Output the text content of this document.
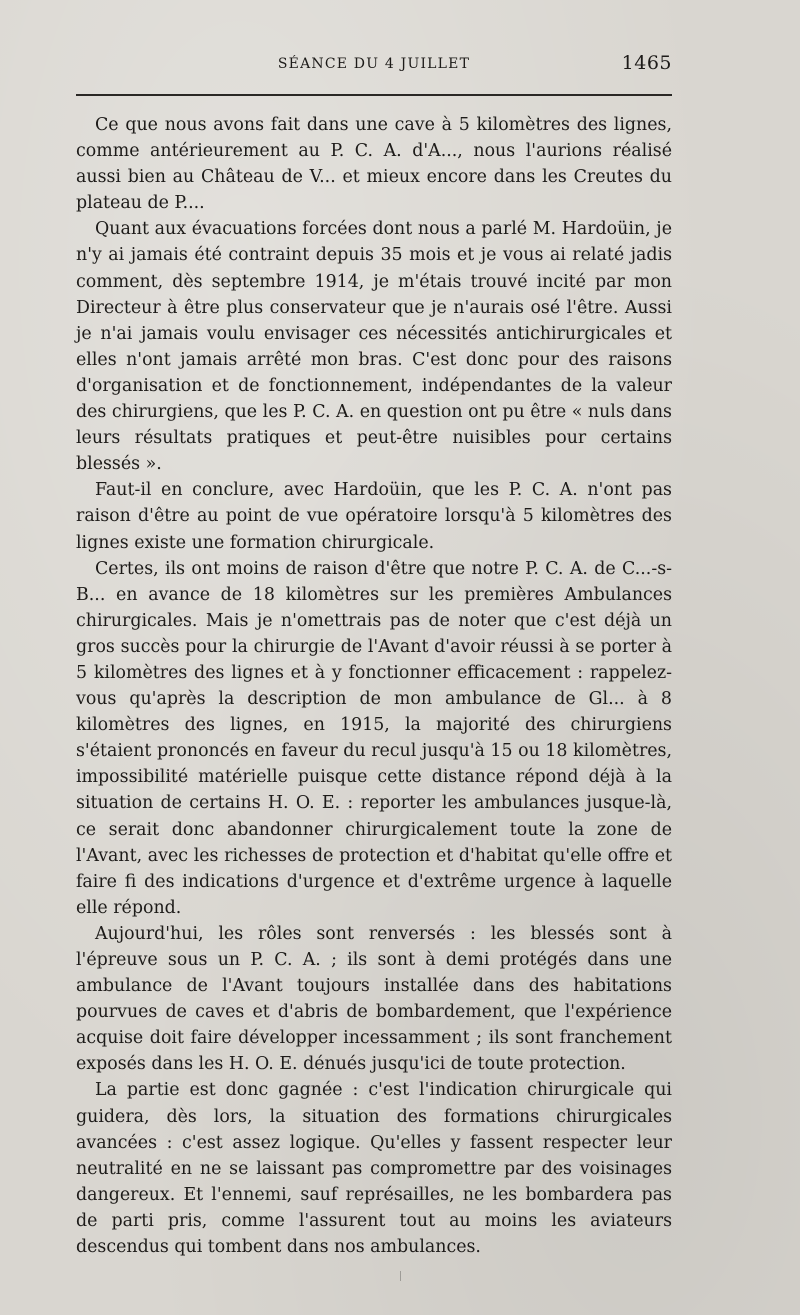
SÉANCE DU 4 JUILLET	1465

Ce que nous avons fait dans une cave à 5 kilomètres des lignes, comme antérieurement au P. C. A. d'A..., nous l'aurions réalisé aussi bien au Château de V... et mieux encore dans les Creutes du plateau de P....

Quant aux évacuations forcées dont nous a parlé M. Hardoüin, je n'y ai jamais été contraint depuis 35 mois et je vous ai relaté jadis comment, dès septembre 1914, je m'étais trouvé incité par mon Directeur à être plus conservateur que je n'aurais osé l'être. Aussi je n'ai jamais voulu envisager ces nécessités antichirurgicales et elles n'ont jamais arrêté mon bras. C'est donc pour des raisons d'organisation et de fonctionnement, indépendantes de la valeur des chirurgiens, que les P. C. A. en question ont pu être « nuls dans leurs résultats pratiques et peut-être nuisibles pour certains blessés ».

Faut-il en conclure, avec Hardoüin, que les P. C. A. n'ont pas raison d'être au point de vue opératoire lorsqu'à 5 kilomètres des lignes existe une formation chirurgicale.

Certes, ils ont moins de raison d'être que notre P. C. A. de C...-s-B... en avance de 18 kilomètres sur les premières Ambulances chirurgicales. Mais je n'omettrais pas de noter que c'est déjà un gros succès pour la chirurgie de l'Avant d'avoir réussi à se porter à 5 kilomètres des lignes et à y fonctionner efficacement : rappelez-vous qu'après la description de mon ambulance de Gl... à 8 kilomètres des lignes, en 1915, la majorité des chirurgiens s'étaient prononcés en faveur du recul jusqu'à 15 ou 18 kilomètres, impossibilité matérielle puisque cette distance répond déjà à la situation de certains H. O. E. : reporter les ambulances jusque-là, ce serait donc abandonner chirurgicalement toute la zone de l'Avant, avec les richesses de protection et d'habitat qu'elle offre et faire fi des indications d'urgence et d'extrême urgence à laquelle elle répond.

Aujourd'hui, les rôles sont renversés : les blessés sont à l'épreuve sous un P. C. A. ; ils sont à demi protégés dans une ambulance de l'Avant toujours installée dans des habitations pourvues de caves et d'abris de bombardement, que l'expérience acquise doit faire développer incessamment ; ils sont franchement exposés dans les H. O. E. dénués jusqu'ici de toute protection.

La partie est donc gagnée : c'est l'indication chirurgicale qui guidera, dès lors, la situation des formations chirurgicales avancées : c'est assez logique. Qu'elles y fassent respecter leur neutralité en ne se laissant pas compromettre par des voisinages dangereux. Et l'ennemi, sauf représailles, ne les bombardera pas de parti pris, comme l'assurent tout au moins les aviateurs descendus qui tombent dans nos ambulances.
